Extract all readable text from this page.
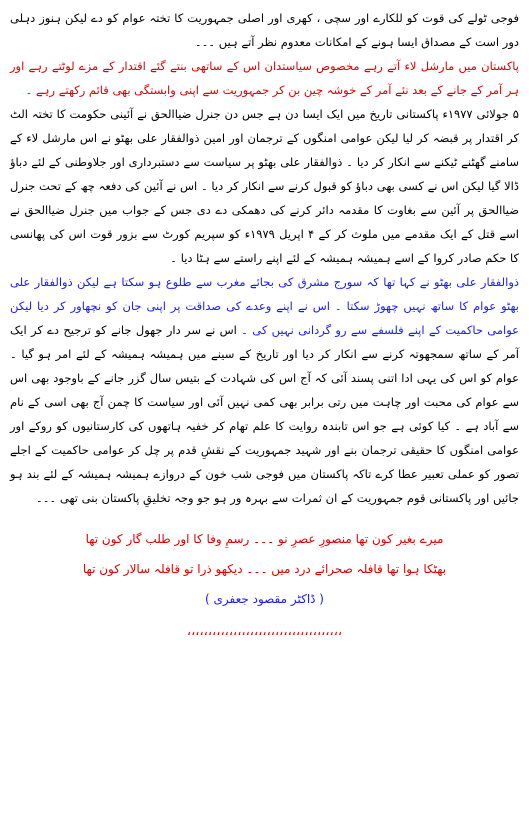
فوجی ٹولے کی قوت کو للکارے اور سچی ، کھری اور اصلی جمہوریت کا تختہ عوام کو دے لیکن ہنوز دہلی دور است کے مصداق ایسا ہونے کے امکانات معدوم نظر آتے ہیں ۔۔۔

پاکستان میں مارشل لاء آتے رہے مخصوص سیاستدان اس کے ساتھی بنتے گئے اقتدار کے مزے لوٹتے رہے اور ہر آمر کے جانے کے بعد نئے آمر کے خوشہ چین بن کر جمہوریت سے اپنی وابستگی بھی قائم رکھتے رہے ۔

۵ جولائی ۱۹۷۷ء پاکستانی تاریخ میں ایک ایسا دن ہے جس دن جنرل ضیاالحق نے آئینی حکومت کا تختہ الٹ کر اقتدار پر قبضہ کر لیا لیکن عوامی امنگوں کے ترجمان اور امین ذوالفقار علی بھٹو نے اس مارشل لاء کے سامنے گھٹنے ٹیکنے سے انکار کر دیا ۔ ذوالفقار علی بھٹو پر سیاست سے دستبرداری اور جلاوطنی کے لئے دباؤ ڈالا گیا لیکن اس نے کسی بھی دباؤ کو قبول کرنے سے انکار کر دیا ۔ اس نے آئین کی دفعہ چھ کے تحت جنرل ضیاالحق پر آئین سے بغاوت کا مقدمہ دائر کرنے کی دھمکی دے دی جس کے جواب میں جنرل ضیاالحق نے اسے قتل کے ایک مقدمے میں ملوث کر کے ۴ اپریل ۱۹۷۹ء کو سپریم کورٹ سے بزور قوت اس کی پھانسی کا حکم صادر کروا کے اسے ہمیشہ ہمیشہ کے لئے اپنے راستے سے ہٹا دیا ۔

ذوالفقار علی بھٹو نے کہا تھا کہ سورج مشرق کی بجائے مغرب سے طلوع ہو سکتا ہے لیکن ذوالفقار علی بھٹو عوام کا ساتھ نہیں چھوڑ سکتا ۔ اس نے اپنے وعدے کی صداقت پر اپنی جان کو نچھاور کر دیا لیکن عوامی حاکمیت کے اپنے فلسفے سے رو گردانی نہیں کی ۔ اس نے سر دار جھول جانے کو ترجیح دے کر ایک آمر کے ساتھ سمجھوتہ کرنے سے انکار کر دیا اور تاریخ کے سینے میں ہمیشہ ہمیشہ کے لئے امر ہو گیا ۔ عوام کو اس کی یہی ادا اتنی پسند آئی کہ آج اس کی شہادت کے بتیس سال گزر جانے کے باوجود بھی اس سے عوام کی محبت اور چاہت میں رتی برابر بھی کمی نہیں آئی اور سیاست کا چمن آج بھی اسی کے نام سے آباد ہے ۔ کیا کوئی ہے جو اس تابندہ روایت کا علم تھام کر خفیہ ہاتھوں کی کارستانیوں کو روکے اور عوامی امنگوں کا حقیقی ترجمان بنے اور شہید جمہوریت کے نقشِ قدم پر چل کر عوامی حاکمیت کے اجلے تصور کو عملی تعبیر عطا کرے تاکہ پاکستان میں فوجی شب خون کے دروازے ہمیشہ ہمیشہ کے لئے بند ہو جائیں اور پاکستانی قوم جمہوریت کے ان ثمرات سے بہرہ ور ہو جو وجہ تخلیقِ پاکستان بنی تھی ۔۔۔

میرے بغیر کون تھا منصورِ عصرِ نو ۔۔۔ رسمِ وفا کا اور طلب گار کون تھا
بھٹکا ہوا تھا قافلہ صحرائے درد میں ۔۔۔ دیکھو ذرا تو قافلہ سالار کون تھا
( ڈاکٹر مقصود جعفری )
،،،،،،،،،،،،،،،،،،،،،،،،،،،،،،،،،،،،،
